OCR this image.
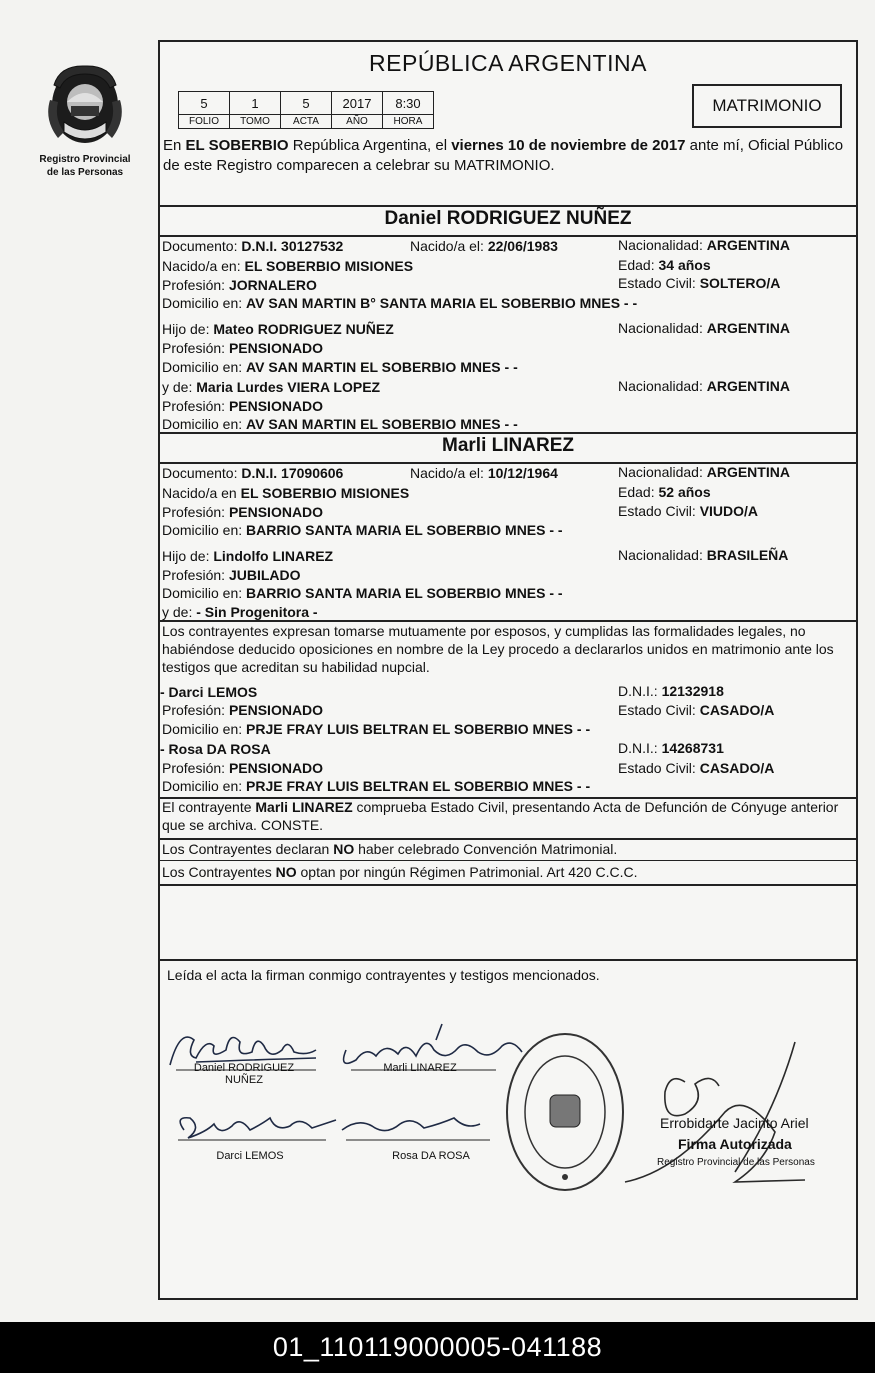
Registro Provincial
de las Personas
REPÚBLICA ARGENTINA
5	1	5	2017	8:30
FOLIO	TOMO	ACTA	AÑO	HORA
MATRIMONIO
En EL SOBERBIO República Argentina, el viernes 10 de noviembre de 2017 ante mí, Oficial Público de este Registro comparecen a celebrar su MATRIMONIO.
Daniel RODRIGUEZ NUÑEZ
Documento: D.N.I. 30127532	Nacido/a el: 22/06/1983	Nacionalidad: ARGENTINA
Nacido/a en: EL SOBERBIO MISIONES	Edad: 34 años
Profesión: JORNALERO	Estado Civil: SOLTERO/A
Domicilio en: AV SAN MARTIN B° SANTA MARIA EL SOBERBIO MNES - -
Hijo de: Mateo RODRIGUEZ NUÑEZ	Nacionalidad: ARGENTINA
Profesión: PENSIONADO
Domicilio en: AV SAN MARTIN EL SOBERBIO MNES - -
y de: Maria Lurdes VIERA LOPEZ	Nacionalidad: ARGENTINA
Profesión: PENSIONADO
Domicilio en: AV SAN MARTIN EL SOBERBIO MNES - -
Marli LINAREZ
Documento: D.N.I. 17090606	Nacido/a el: 10/12/1964	Nacionalidad: ARGENTINA
Nacido/a en EL SOBERBIO MISIONES	Edad: 52 años
Profesión: PENSIONADO	Estado Civil: VIUDO/A
Domicilio en: BARRIO SANTA MARIA EL SOBERBIO MNES - -
Hijo de: Lindolfo LINAREZ	Nacionalidad: BRASILEÑA
Profesión: JUBILADO
Domicilio en: BARRIO SANTA MARIA EL SOBERBIO MNES - -
y de: - Sin Progenitora -
Los contrayentes expresan tomarse mutuamente por esposos, y cumplidas las formalidades legales, no habiéndose deducido oposiciones en nombre de la Ley procedo a declararlos unidos en matrimonio ante los testigos que acreditan su habilidad nupcial.
- Darci LEMOS	D.N.I.: 12132918
Profesión: PENSIONADO	Estado Civil: CASADO/A
Domicilio en: PRJE FRAY LUIS BELTRAN EL SOBERBIO MNES - -
- Rosa DA ROSA	D.N.I.: 14268731
Profesión: PENSIONADO	Estado Civil: CASADO/A
Domicilio en: PRJE FRAY LUIS BELTRAN EL SOBERBIO MNES - -
El contrayente Marli LINAREZ comprueba Estado Civil, presentando Acta de Defunción de Cónyuge anterior que se archiva. CONSTE.
Los Contrayentes declaran NO haber celebrado Convención Matrimonial.
Los Contrayentes NO optan por ningún Régimen Patrimonial. Art 420 C.C.C.
Leída el acta la firman conmigo contrayentes y testigos mencionados.
Daniel RODRIGUEZ
NUÑEZ
Marli LINAREZ
Darci LEMOS	Rosa DA ROSA
Errobidarte Jacinto Ariel
Firma Autorizada
Registro Provincial de las Personas
01_110119000005-041188
